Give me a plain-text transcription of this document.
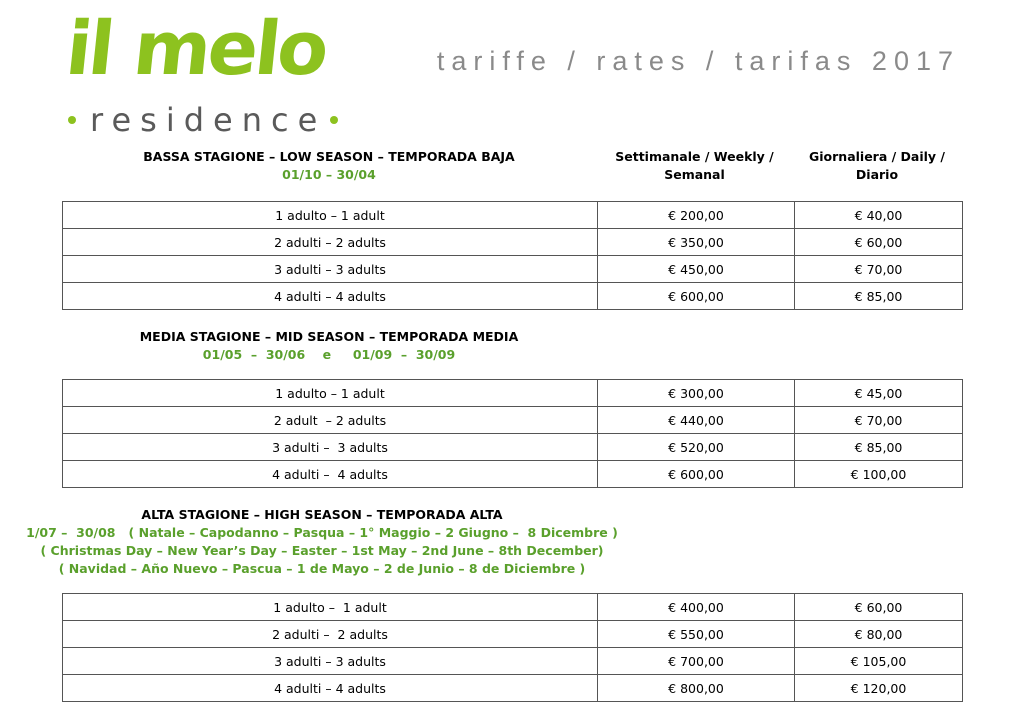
il melo
residence
tariffe / rates / tarifas 2017
BASSA STAGIONE – LOW SEASON – TEMPORADA BAJA
01/10 – 30/04
Settimanale / Weekly /
Semanal
Giornaliera / Daily /
Diario
1 adulto – 1 adult	€ 200,00	€ 40,00
2 adulti – 2 adults	€ 350,00	€ 60,00
3 adulti – 3 adults	€ 450,00	€ 70,00
4 adulti – 4 adults	€ 600,00	€ 85,00
MEDIA STAGIONE – MID SEASON – TEMPORADA MEDIA
01/05  –  30/06    e     01/09  –  30/09
1 adulto – 1 adult	€ 300,00	€ 45,00
2 adult  – 2 adults	€ 440,00	€ 70,00
3 adulti –  3 adults	€ 520,00	€ 85,00
4 adulti –  4 adults	€ 600,00	€ 100,00
ALTA STAGIONE – HIGH SEASON – TEMPORADA ALTA
1/07 –  30/08   ( Natale – Capodanno – Pasqua – 1° Maggio – 2 Giugno –  8 Dicembre )
( Christmas Day – New Year’s Day – Easter – 1st May – 2nd June – 8th December)
( Navidad – Año Nuevo – Pascua – 1 de Mayo – 2 de Junio – 8 de Diciembre )
1 adulto –  1 adult	€ 400,00	€ 60,00
2 adulti –  2 adults	€ 550,00	€ 80,00
3 adulti – 3 adults	€ 700,00	€ 105,00
4 adulti – 4 adults	€ 800,00	€ 120,00
